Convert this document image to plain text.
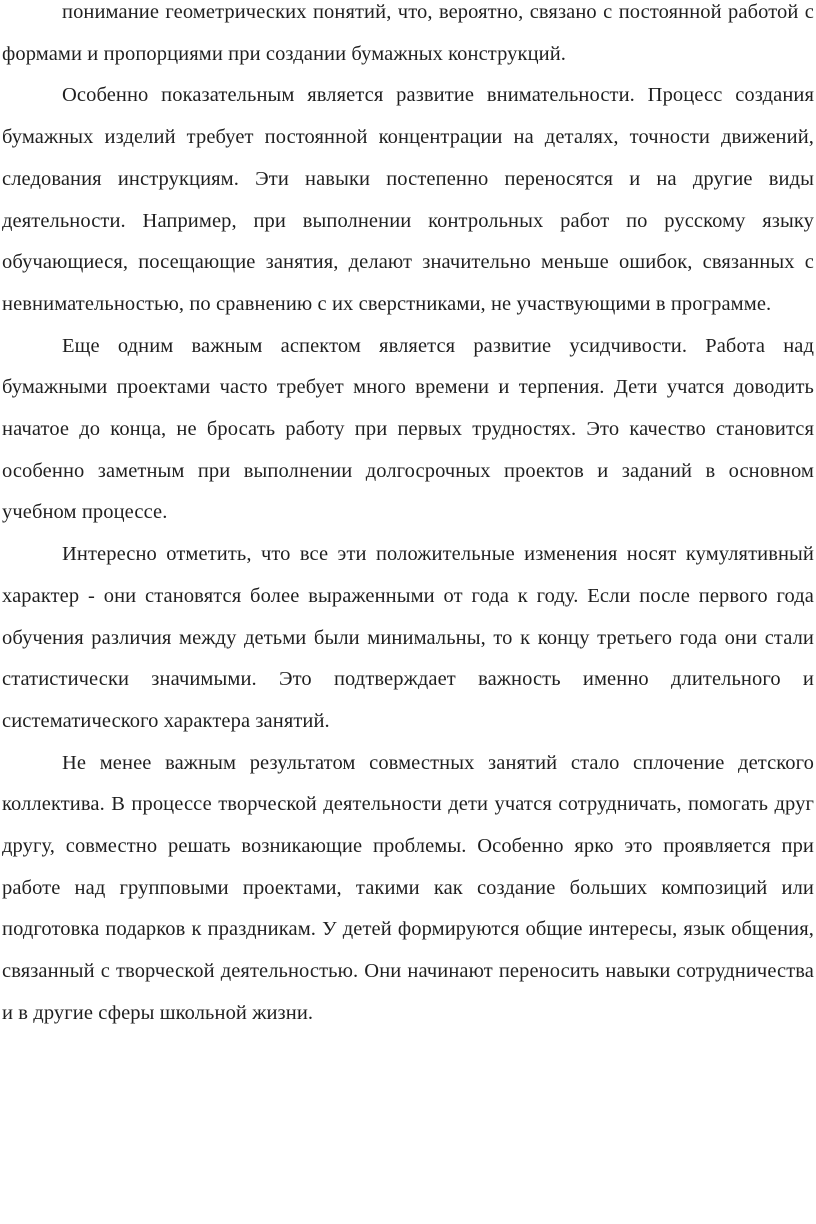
понимание геометрических понятий, что, вероятно, связано с постоянной работой с формами и пропорциями при создании бумажных конструкций.

Особенно показательным является развитие внимательности. Процесс создания бумажных изделий требует постоянной концентрации на деталях, точности движений, следования инструкциям. Эти навыки постепенно переносятся и на другие виды деятельности. Например, при выполнении контрольных работ по русскому языку обучающиеся, посещающие занятия, делают значительно меньше ошибок, связанных с невнимательностью, по сравнению с их сверстниками, не участвующими в программе.

Еще одним важным аспектом является развитие усидчивости. Работа над бумажными проектами часто требует много времени и терпения. Дети учатся доводить начатое до конца, не бросать работу при первых трудностях. Это качество становится особенно заметным при выполнении долгосрочных проектов и заданий в основном учебном процессе.

Интересно отметить, что все эти положительные изменения носят кумулятивный характер - они становятся более выраженными от года к году. Если после первого года обучения различия между детьми были минимальны, то к концу третьего года они стали статистически значимыми. Это подтверждает важность именно длительного и систематического характера занятий.

Не менее важным результатом совместных занятий стало сплочение детского коллектива. В процессе творческой деятельности дети учатся сотрудничать, помогать друг другу, совместно решать возникающие проблемы. Особенно ярко это проявляется при работе над групповыми проектами, такими как создание больших композиций или подготовка подарков к праздникам. У детей формируются общие интересы, язык общения, связанный с творческой деятельностью. Они начинают переносить навыки сотрудничества и в другие сферы школьной жизни.
